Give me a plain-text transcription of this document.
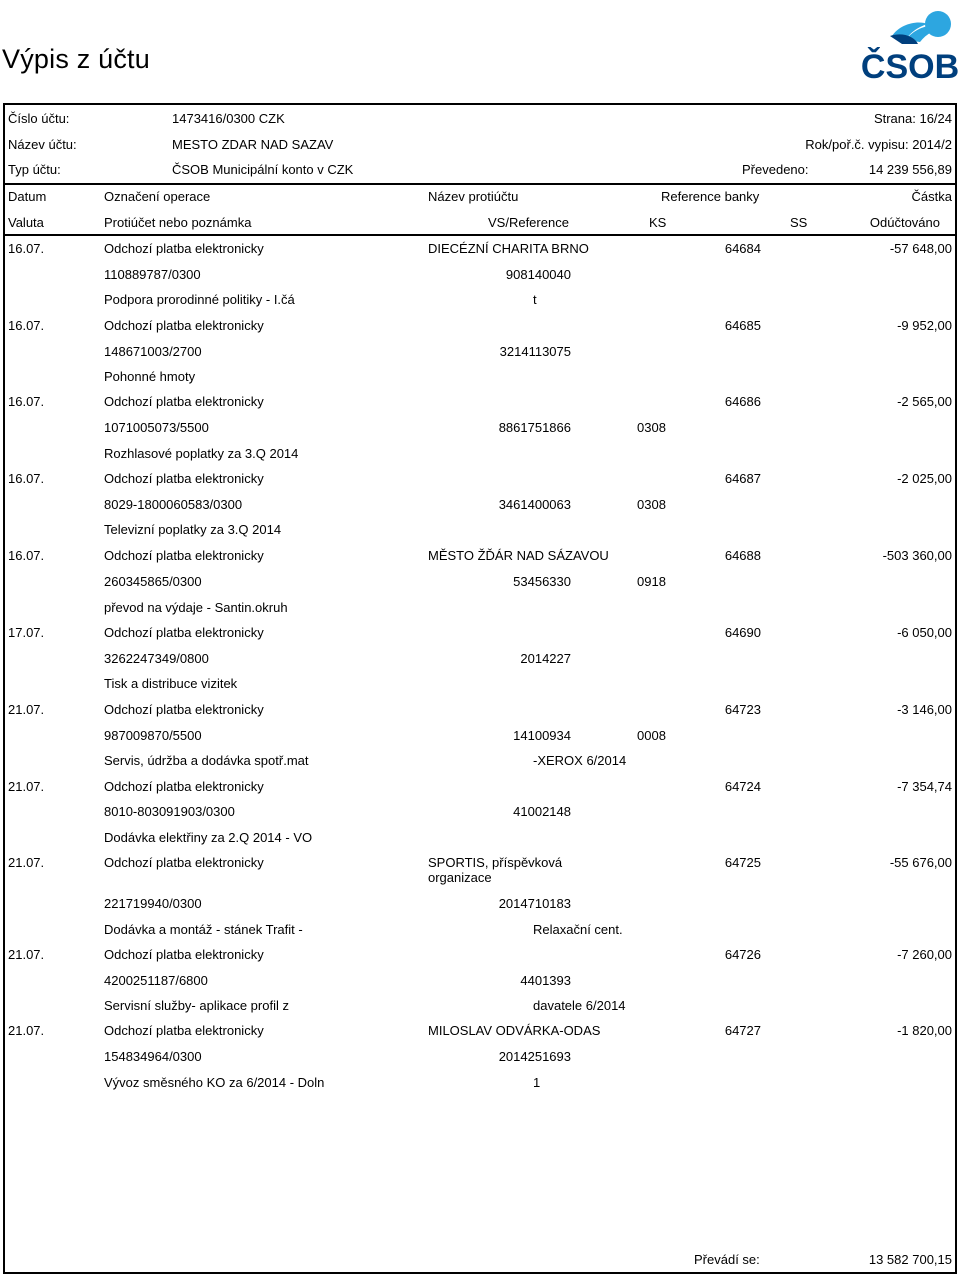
Výpis z účtu	ČSOB
Číslo účtu:	1473416/0300 CZK	Strana: 16/24
Název účtu:	MESTO ZDAR NAD SAZAV	Rok/poř.č. vypisu: 2014/2
Typ účtu:	ČSOB Municipální konto v CZK	Převedeno:	14 239 556,89
Datum	Označení operace	Název protiúčtu	Reference banky	Částka
Valuta	Protiúčet nebo poznámka	VS/Reference	KS	SS	Odúčtováno
16.07.	Odchozí platba elektronicky	DIECÉZNÍ CHARITA BRNO	64684	-57 648,00
110889787/0300	908140040
Podpora prorodinné politiky - I.čá	t
16.07.	Odchozí platba elektronicky	64685	-9 952,00
148671003/2700	3214113075
Pohonné hmoty
16.07.	Odchozí platba elektronicky	64686	-2 565,00
1071005073/5500	8861751866	0308
Rozhlasové poplatky za 3.Q 2014
16.07.	Odchozí platba elektronicky	64687	-2 025,00
8029-1800060583/0300	3461400063	0308
Televizní poplatky za 3.Q 2014
16.07.	Odchozí platba elektronicky	MĚSTO ŽĎÁR NAD SÁZAVOU	64688	-503 360,00
260345865/0300	53456330	0918
převod na výdaje - Santin.okruh
17.07.	Odchozí platba elektronicky	64690	-6 050,00
3262247349/0800	2014227
Tisk a distribuce vizitek
21.07.	Odchozí platba elektronicky	64723	-3 146,00
987009870/5500	14100934	0008
Servis, údržba a dodávka spotř.mat	-XEROX 6/2014
21.07.	Odchozí platba elektronicky	64724	-7 354,74
8010-803091903/0300	41002148
Dodávka elektřiny za 2.Q 2014 - VO
21.07.	Odchozí platba elektronicky	SPORTIS, příspěvková organizace
64725	-55 676,00
221719940/0300	2014710183
Dodávka a montáž - stánek Trafit -	Relaxační cent.
21.07.	Odchozí platba elektronicky	64726	-7 260,00
4200251187/6800	4401393
Servisní služby- aplikace profil z	davatele 6/2014
21.07.	Odchozí platba elektronicky	MILOSLAV ODVÁRKA-ODAS	64727	-1 820,00
154834964/0300	2014251693
Vývoz směsného KO za 6/2014 - Doln	1
Převádí se:	13 582 700,15
